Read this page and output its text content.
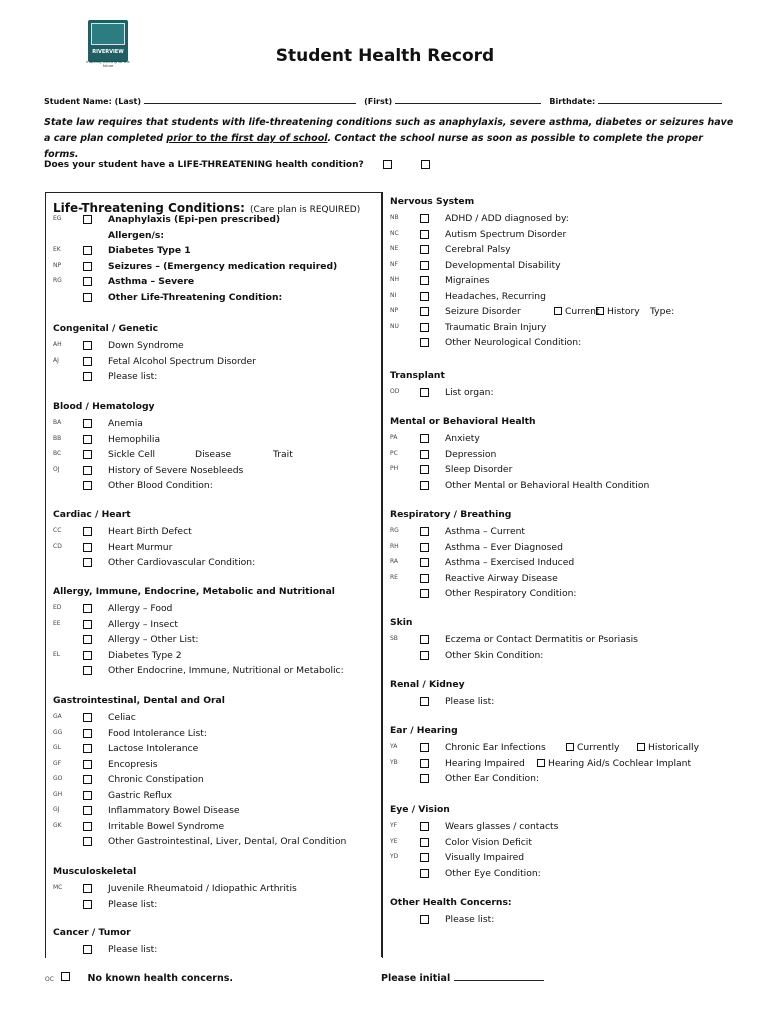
RIVERVIEW
Inspiring learning for the future	Student Health Record
Student Name: (Last)	(First)	Birthdate:
State law requires that students with life-threatening conditions such as anaphylaxis, severe asthma, diabetes or seizures have a care plan completed prior to the first day of school. Contact the school nurse as soon as possible to complete the proper forms.
Does your student have a LIFE-THREATENING health condition?
Life-Threatening Conditions: (Care plan is REQUIRED)
EG	Anaphylaxis (Epi-pen prescribed)
Allergen/s:
EK	Diabetes Type 1
NP	Seizures – (Emergency medication required)
RG	Asthma – Severe
Other Life-Threatening Condition:
Congenital / Genetic
AH	Down Syndrome
AJ	Fetal Alcohol Spectrum Disorder
Please list:
Blood / Hematology
BA	Anemia
BB	Hemophilia
BC	Sickle Cell	Disease	Trait
OJ	History of Severe Nosebleeds
Other Blood Condition:
Cardiac / Heart
CC	Heart Birth Defect
CD	Heart Murmur
Other Cardiovascular Condition:
Allergy, Immune, Endocrine, Metabolic and Nutritional
ED	Allergy – Food
EE	Allergy – Insect
Allergy – Other List:
EL	Diabetes Type 2
Other Endocrine, Immune, Nutritional or Metabolic:
Gastrointestinal, Dental and Oral
GA	Celiac
GG	Food Intolerance List:
GL	Lactose Intolerance
GF	Encopresis
GO	Chronic Constipation
GH	Gastric Reflux
GJ	Inflammatory Bowel Disease
GK	Irritable Bowel Syndrome
Other Gastrointestinal, Liver, Dental, Oral Condition
Musculoskeletal
MC	Juvenile Rheumatoid / Idiopathic Arthritis
Please list:
Cancer / Tumor
Please list:
Nervous System
NB	ADHD / ADD diagnosed by:
NC	Autism Spectrum Disorder
NE	Cerebral Palsy
NF	Developmental Disability
NH	Migraines
NI	Headaches, Recurring
NP	Seizure Disorder	Current History Type:
NU	Traumatic Brain Injury
Other Neurological Condition:
Transplant
OD	List organ:
Mental or Behavioral Health
PA	Anxiety
PC	Depression
PH	Sleep Disorder
Other Mental or Behavioral Health Condition
Respiratory / Breathing
RG	Asthma – Current
RH	Asthma – Ever Diagnosed
RA	Asthma – Exercised Induced
RE	Reactive Airway Disease
Other Respiratory Condition:
Skin
SB	Eczema or Contact Dermatitis or Psoriasis
Other Skin Condition:
Renal / Kidney
Please list:
Ear / Hearing
YA	Chronic Ear Infections	Currently	Historically
YB	Hearing Impaired	Hearing Aid/s Cochlear Implant
Other Ear Condition:
Eye / Vision
YF	Wears glasses / contacts
YE	Color Vision Deficit
YD	Visually Impaired
Other Eye Condition:
Other Health Concerns:
Please list:
OC	No known health concerns.	Please initial
